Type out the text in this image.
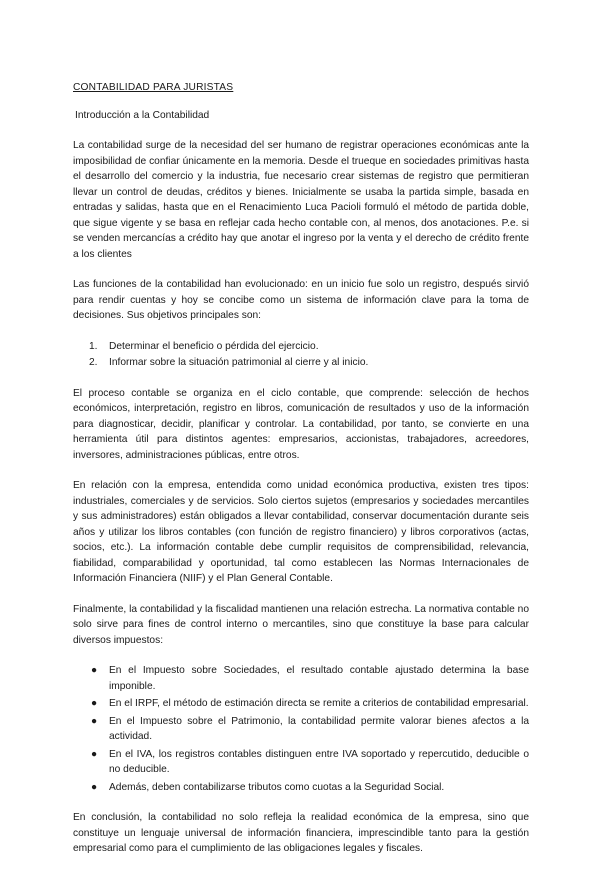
CONTABILIDAD PARA JURISTAS
Introducción a la Contabilidad

La contabilidad surge de la necesidad del ser humano de registrar operaciones económicas ante la imposibilidad de confiar únicamente en la memoria. Desde el trueque en sociedades primitivas hasta el desarrollo del comercio y la industria, fue necesario crear sistemas de registro que permitieran llevar un control de deudas, créditos y bienes. Inicialmente se usaba la partida simple, basada en entradas y salidas, hasta que en el Renacimiento Luca Pacioli formuló el método de partida doble, que sigue vigente y se basa en reflejar cada hecho contable con, al menos, dos anotaciones. P.e. si se venden mercancías a crédito hay que anotar el ingreso por la venta y el derecho de crédito frente a los clientes

Las funciones de la contabilidad han evolucionado: en un inicio fue solo un registro, después sirvió para rendir cuentas y hoy se concibe como un sistema de información clave para la toma de decisiones. Sus objetivos principales son:

1. Determinar el beneficio o pérdida del ejercicio.
2. Informar sobre la situación patrimonial al cierre y al inicio.

El proceso contable se organiza en el ciclo contable, que comprende: selección de hechos económicos, interpretación, registro en libros, comunicación de resultados y uso de la información para diagnosticar, decidir, planificar y controlar. La contabilidad, por tanto, se convierte en una herramienta útil para distintos agentes: empresarios, accionistas, trabajadores, acreedores, inversores, administraciones públicas, entre otros.

En relación con la empresa, entendida como unidad económica productiva, existen tres tipos: industriales, comerciales y de servicios. Solo ciertos sujetos (empresarios y sociedades mercantiles y sus administradores) están obligados a llevar contabilidad, conservar documentación durante seis años y utilizar los libros contables (con función de registro financiero) y libros corporativos (actas, socios, etc.). La información contable debe cumplir requisitos de comprensibilidad, relevancia, fiabilidad, comparabilidad y oportunidad, tal como establecen las Normas Internacionales de Información Financiera (NIIF) y el Plan General Contable.

Finalmente, la contabilidad y la fiscalidad mantienen una relación estrecha. La normativa contable no solo sirve para fines de control interno o mercantiles, sino que constituye la base para calcular diversos impuestos:

● En el Impuesto sobre Sociedades, el resultado contable ajustado determina la base imponible.
● En el IRPF, el método de estimación directa se remite a criterios de contabilidad empresarial.
● En el Impuesto sobre el Patrimonio, la contabilidad permite valorar bienes afectos a la actividad.
● En el IVA, los registros contables distinguen entre IVA soportado y repercutido, deducible o no deducible.
● Además, deben contabilizarse tributos como cuotas a la Seguridad Social.

En conclusión, la contabilidad no solo refleja la realidad económica de la empresa, sino que constituye un lenguaje universal de información financiera, imprescindible tanto para la gestión empresarial como para el cumplimiento de las obligaciones legales y fiscales.
